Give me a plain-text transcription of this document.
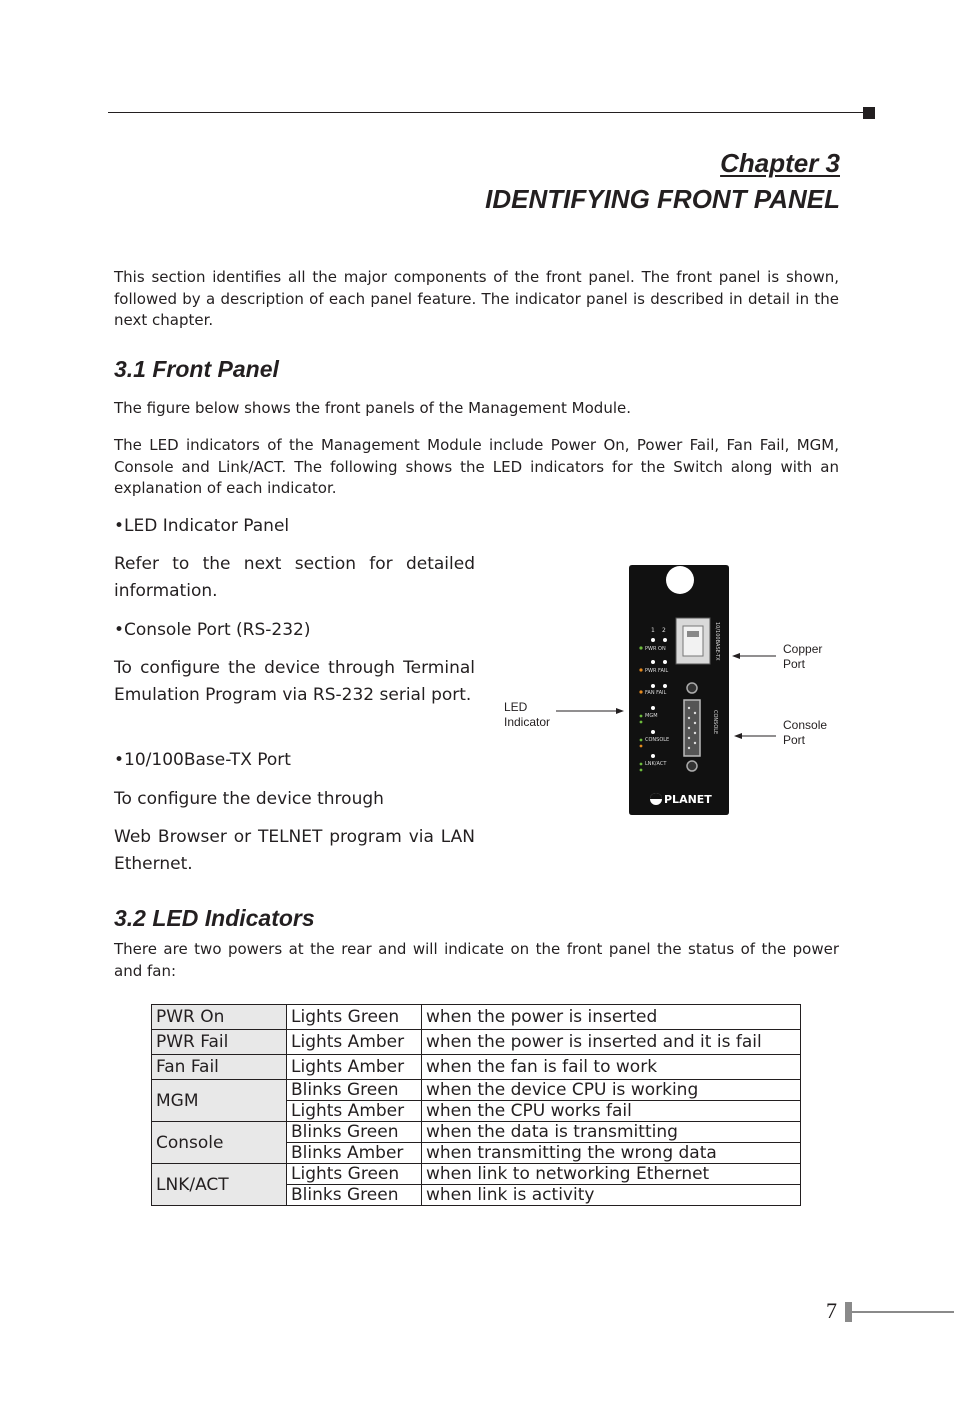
Chapter 3
IDENTIFYING FRONT PANEL

This section identifies all the major components of the front panel. The front panel is shown, followed by a description of each panel feature. The indicator panel is described in detail in the next chapter.

3.1 Front Panel

The figure below shows the front panels of the Management Module.

The LED indicators of the Management Module include Power On, Power Fail, Fan Fail, MGM, Console and Link/ACT. The following shows the LED indicators for the Switch along with an explanation of each indicator.

•LED Indicator Panel

Refer to the next section for detailed information.

•Console Port (RS-232)

To configure the device through Terminal Emulation Program via RS-232 serial port.

•10/100Base-TX Port

To configure the device through

Web Browser or TELNET program via LAN Ethernet.

10/100BASE-TX
1 2
PWR ON
PWR FAIL
FAN FAIL
MGM
CONSOLE
LNK/ACT
CONSOLE
PLANET
Copper
Port
Console
Port
LED
Indicator
3.2 LED Indicators

There are two powers at the rear and will indicate on the front panel the status of the power and fan:

PWR On	Lights Green	when the power is inserted
PWR Fail	Lights Amber	when the power is inserted and it is fail
Fan Fail	Lights Amber	when the fan is fail to work
MGM	Blinks Green	when the device CPU is working
	Lights Amber	when the CPU works fail
Console	Blinks Green	when the data is transmitting
	Blinks Amber	when transmitting the wrong data
LNK/ACT	Lights Green	when link to networking Ethernet
	Blinks Green	when link is activity
7
